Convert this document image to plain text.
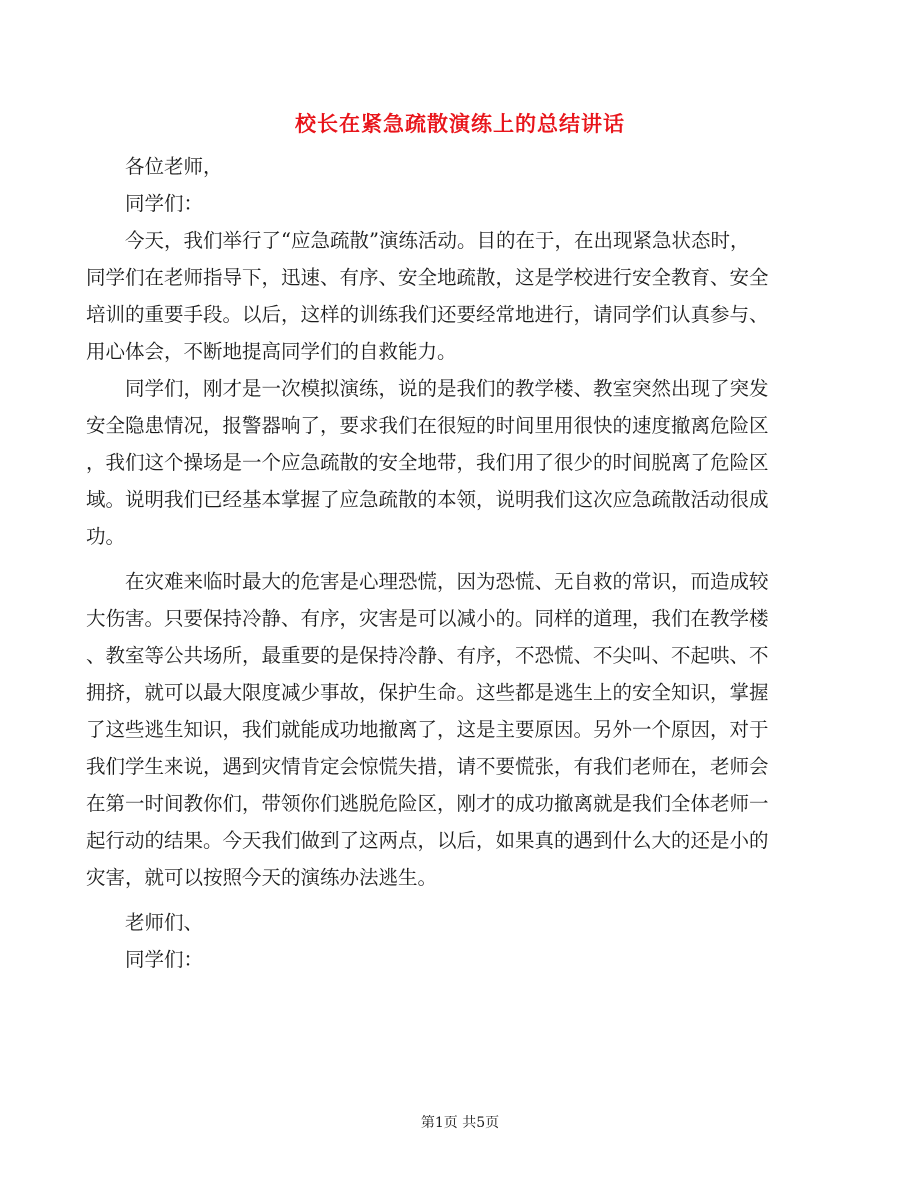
校长在紧急疏散演练上的总结讲话
各位老师，
同学们：
今天，我们举行了“应急疏散”演练活动。目的在于，在出现紧急状态时，
同学们在老师指导下，迅速、有序、安全地疏散，这是学校进行安全教育、安全
培训的重要手段。以后，这样的训练我们还要经常地进行，请同学们认真参与、
用心体会，不断地提高同学们的自救能力。
同学们，刚才是一次模拟演练，说的是我们的教学楼、教室突然出现了突发
安全隐患情况，报警器响了，要求我们在很短的时间里用很快的速度撤离危险区
，我们这个操场是一个应急疏散的安全地带，我们用了很少的时间脱离了危险区
域。说明我们已经基本掌握了应急疏散的本领，说明我们这次应急疏散活动很成
功。
在灾难来临时最大的危害是心理恐慌，因为恐慌、无自救的常识，而造成较
大伤害。只要保持冷静、有序，灾害是可以减小的。同样的道理，我们在教学楼
、教室等公共场所，最重要的是保持冷静、有序，不恐慌、不尖叫、不起哄、不
拥挤，就可以最大限度减少事故，保护生命。这些都是逃生上的安全知识，掌握
了这些逃生知识，我们就能成功地撤离了，这是主要原因。另外一个原因，对于
我们学生来说，遇到灾情肯定会惊慌失措，请不要慌张，有我们老师在，老师会
在第一时间教你们，带领你们逃脱危险区，刚才的成功撤离就是我们全体老师一
起行动的结果。今天我们做到了这两点，以后，如果真的遇到什么大的还是小的
灾害，就可以按照今天的演练办法逃生。
老师们、
同学们：
第1页 共5页
